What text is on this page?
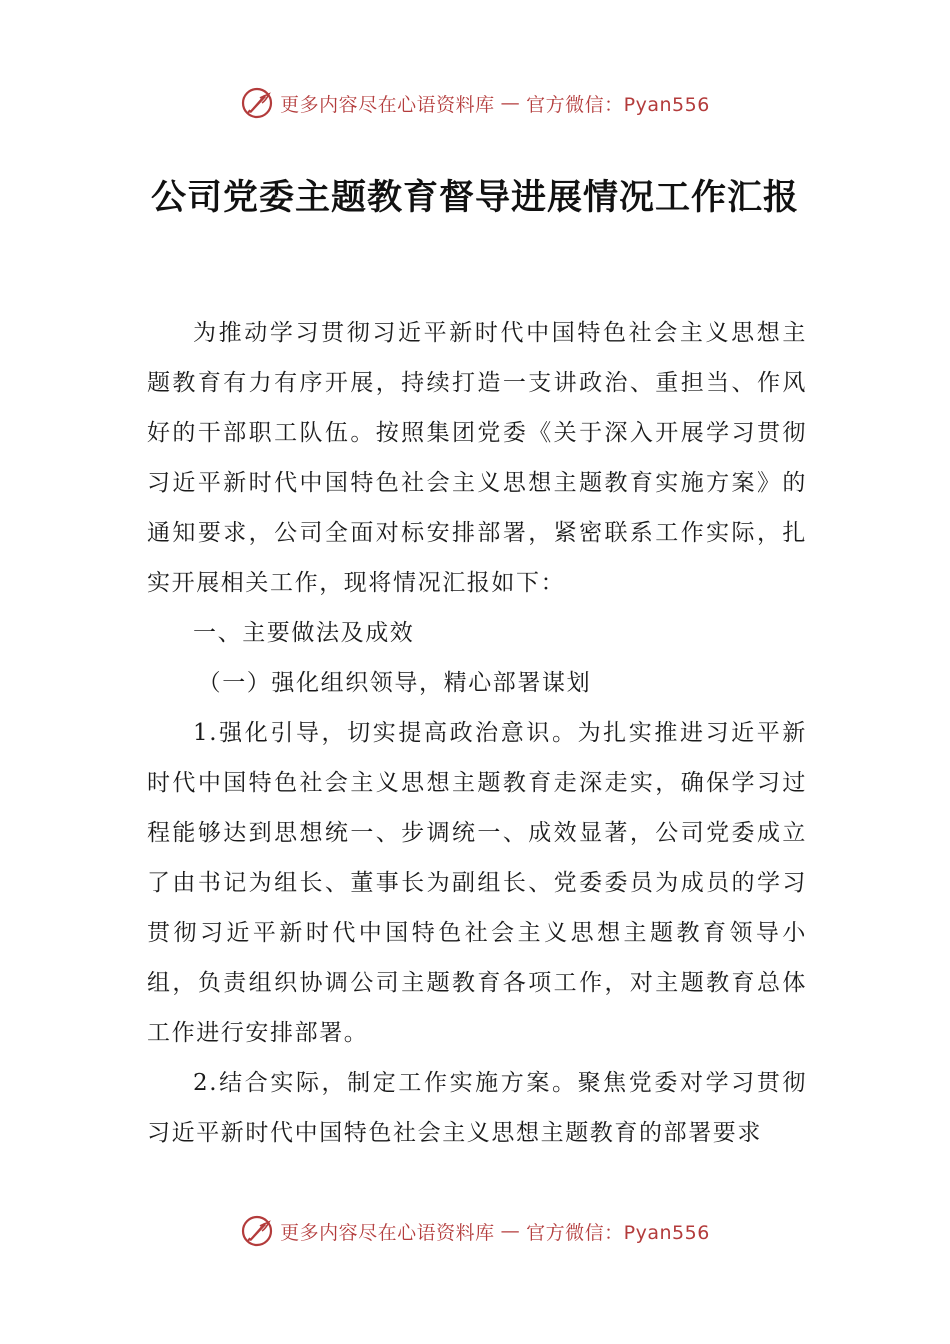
更多内容尽在心语资料库 — 官方微信：Pyan556
公司党委主题教育督导进展情况工作汇报

为推动学习贯彻习近平新时代中国特色社会主义思想主题教育有力有序开展，持续打造一支讲政治、重担当、作风好的干部职工队伍。按照集团党委《关于深入开展学习贯彻习近平新时代中国特色社会主义思想主题教育实施方案》的通知要求，公司全面对标安排部署，紧密联系工作实际，扎实开展相关工作，现将情况汇报如下：

一、主要做法及成效

（一）强化组织领导，精心部署谋划

1.强化引导，切实提高政治意识。为扎实推进习近平新时代中国特色社会主义思想主题教育走深走实，确保学习过程能够达到思想统一、步调统一、成效显著，公司党委成立了由书记为组长、董事长为副组长、党委委员为成员的学习贯彻习近平新时代中国特色社会主义思想主题教育领导小组，负责组织协调公司主题教育各项工作，对主题教育总体工作进行安排部署。

2.结合实际，制定工作实施方案。聚焦党委对学习贯彻习近平新时代中国特色社会主义思想主题教育的部署要求

更多内容尽在心语资料库 — 官方微信：Pyan556
